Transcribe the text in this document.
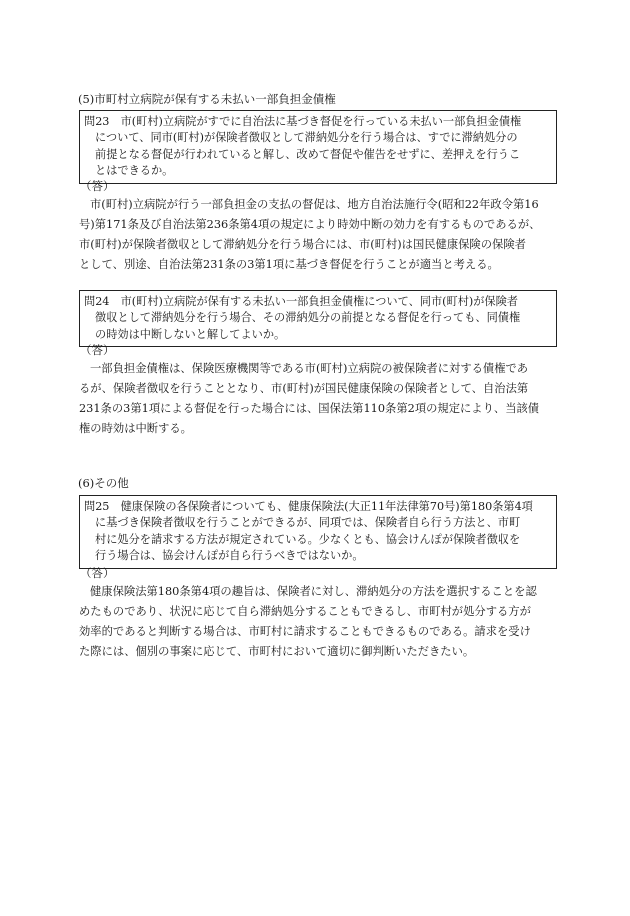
(5)市町村立病院が保有する未払い一部負担金債権
問23　市(町村)立病院がすでに自治法に基づき督促を行っている未払い一部負担金債権
について、同市(町村)が保険者徴収として滞納処分を行う場合は、すでに滞納処分の
前提となる督促が行われていると解し、改めて督促や催告をせずに、差押えを行うこ
とはできるか。
（答）
市(町村)立病院が行う一部負担金の支払の督促は、地方自治法施行令(昭和22年政令第16
号)第171条及び自治法第236条第4項の規定により時効中断の効力を有するものであるが、
市(町村)が保険者徴収として滞納処分を行う場合には、市(町村)は国民健康保険の保険者
として、別途、自治法第231条の3第1項に基づき督促を行うことが適当と考える。
問24　市(町村)立病院が保有する未払い一部負担金債権について、同市(町村)が保険者
徴収として滞納処分を行う場合、その滞納処分の前提となる督促を行っても、同債権
の時効は中断しないと解してよいか。
（答）
一部負担金債権は、保険医療機関等である市(町村)立病院の被保険者に対する債権であ
るが、保険者徴収を行うこととなり、市(町村)が国民健康保険の保険者として、自治法第
231条の3第1項による督促を行った場合には、国保法第110条第2項の規定により、当該債
権の時効は中断する。
(6)その他
問25　健康保険の各保険者についても、健康保険法(大正11年法律第70号)第180条第4項
に基づき保険者徴収を行うことができるが、同項では、保険者自ら行う方法と、市町
村に処分を請求する方法が規定されている。少なくとも、協会けんぽが保険者徴収を
行う場合は、協会けんぽが自ら行うべきではないか。
（答）
健康保険法第180条第4項の趣旨は、保険者に対し、滞納処分の方法を選択することを認
めたものであり、状況に応じて自ら滞納処分することもできるし、市町村が処分する方が
効率的であると判断する場合は、市町村に請求することもできるものである。請求を受け
た際には、個別の事案に応じて、市町村において適切に御判断いただきたい。
